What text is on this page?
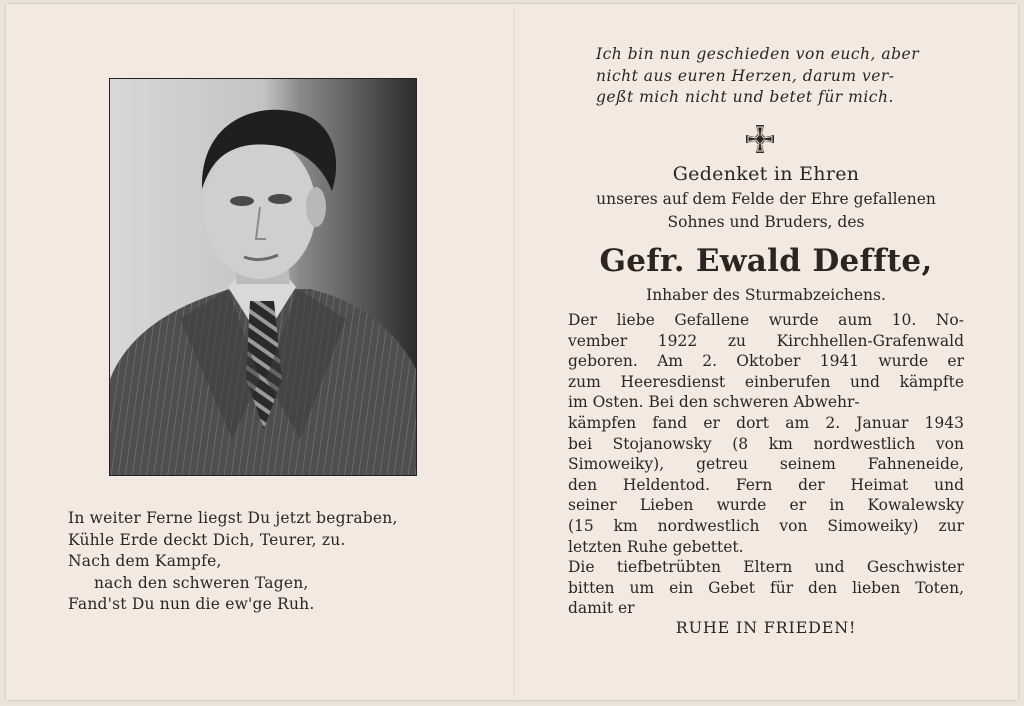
In weiter Ferne liegst Du jetzt begraben,
Kühle Erde deckt Dich, Teurer, zu.
Nach dem Kampfe,
nach den schweren Tagen,
Fand'st Du nun die ew'ge Ruh.
Ich bin nun geschieden von euch, aber
nicht aus euren Herzen, darum ver-
geßt mich nicht und betet für mich.
Gedenket in Ehren
unseres auf dem Felde der Ehre gefallenen
Sohnes und Bruders, des
Gefr. Ewald Deffte,
Inhaber des Sturmabzeichens.
Der liebe Gefallene wurde aum 10. No-
vember 1922 zu Kirchhellen-Grafenwald
geboren. Am 2. Oktober 1941 wurde er
zum Heeresdienst einberufen und kämpfte
im Osten. Bei den schweren Abwehr-
kämpfen fand er dort am 2. Januar 1943
bei Stojanowsky (8 km nordwestlich von
Simoweiky), getreu seinem Fahneneide,
den Heldentod. Fern der Heimat und
seiner Lieben wurde er in Kowalewsky
(15 km nordwestlich von Simoweiky) zur
letzten Ruhe gebettet.
Die tiefbetrübten Eltern und Geschwister
bitten um ein Gebet für den lieben Toten,
damit er
RUHE IN FRIEDEN!
